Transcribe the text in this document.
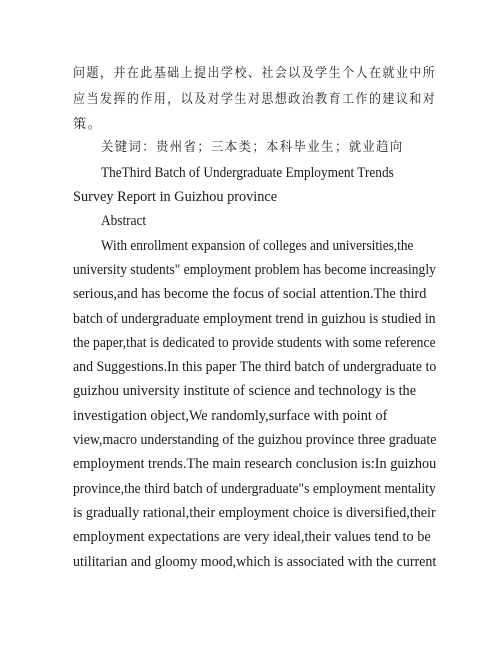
问题，并在此基础上提出学校、社会以及学生个人在就业中所
应当发挥的作用，以及对学生对思想政治教育工作的建议和对
策。
关键词：贵州省；三本类；本科毕业生；就业趋向
TheThird Batch of Undergraduate Employment Trends
Survey Report in Guizhou province
Abstract
With enrollment expansion of colleges and universities,the
university students" employment problem has become increasingly
serious,and has become the focus of social attention.The third
batch of undergraduate employment trend in guizhou is studied in
the paper,that is dedicated to provide students with some reference
and Suggestions.In this paper The third batch of undergraduate to
guizhou university institute of science and technology is the
investigation object,We randomly,surface with point of
view,macro understanding of the guizhou province three graduate
employment trends.The main research conclusion is:In guizhou
province,the third batch of undergraduate"s employment mentality
is gradually rational,their employment choice is diversified,their
employment expectations are very ideal,their values tend to be
utilitarian and gloomy mood,which is associated with the current
